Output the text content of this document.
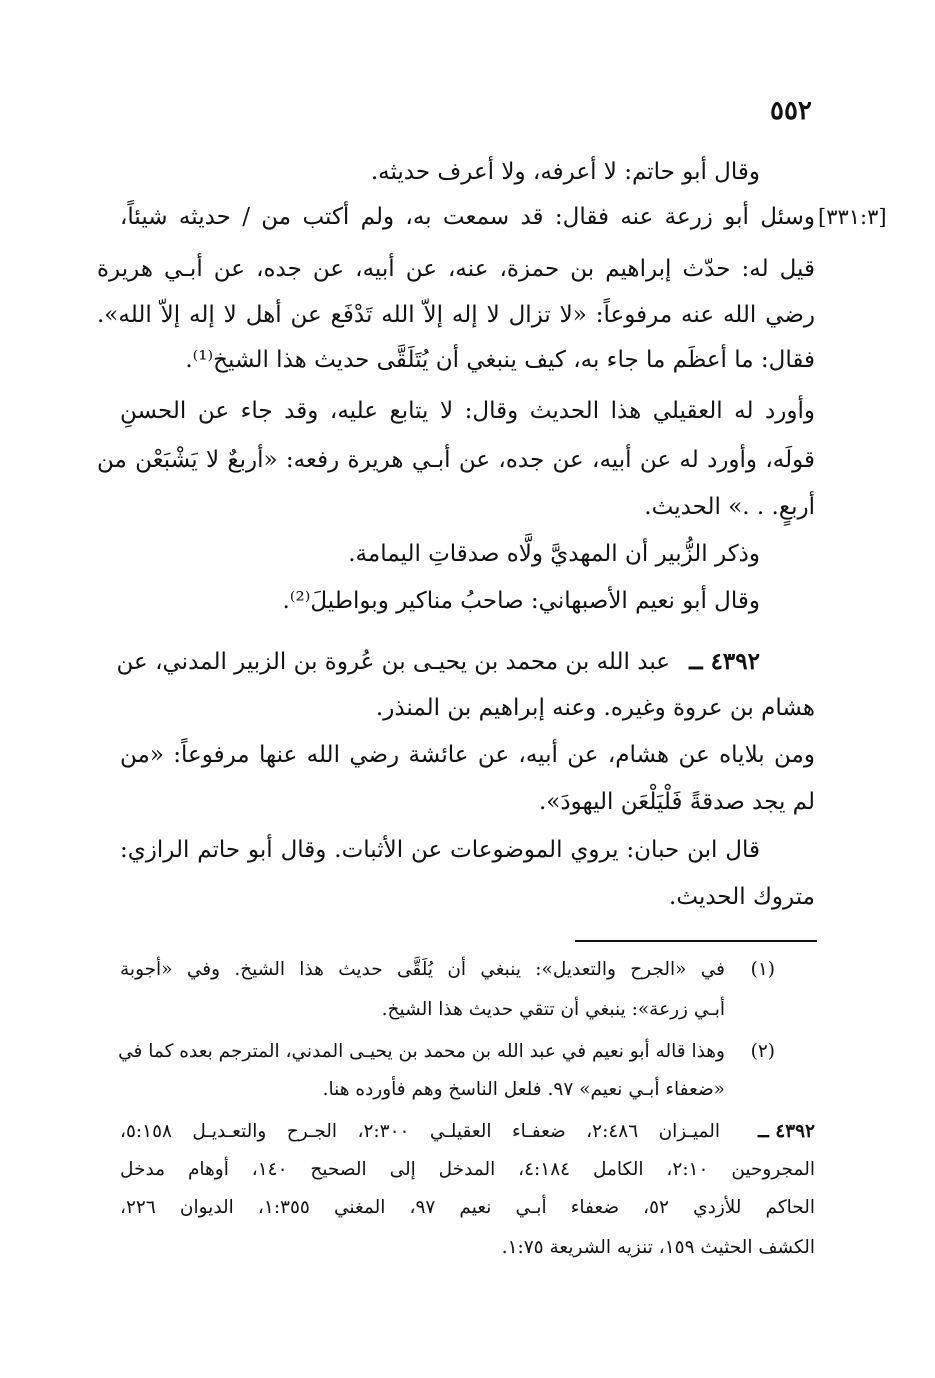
٥٥٢
وقال أبو حاتم: لا أعرفه، ولا أعرف حديثه.
[٣٣١:٣]
وسئل أبو زرعة عنه فقال: قد سمعت به، ولم أكتب من / حديثه شيئاً،
قيل له: حدّث إبراهيم بن حمزة، عنه، عن أبيه، عن جده، عن أبـي هريرة
رضي الله عنه مرفوعاً: «لا تزال لا إله إلاّ الله تَدْفَع عن أهل لا إله إلاّ الله».
فقال: ما أعظَم ما جاء به، كيف ينبغي أن يُتَلَقَّى حديث هذا الشيخ⁽¹⁾.
وأورد له العقيلي هذا الحديث وقال: لا يتابع عليه، وقد جاء عن الحسنِ
قولَه، وأورد له عن أبيه، عن جده، عن أبـي هريرة رفعه: «أربعٌ لا يَشْبَعْن من
أربعٍ. . .» الحديث.
وذكر الزُّبير أن المهديَّ ولَّاه صدقاتِ اليمامة.
وقال أبو نعيم الأصبهاني: صاحبُ مناكير وبواطيلَ⁽²⁾.
٤٣٩٢ ــ
عبد الله بن محمد بن يحيـى بن عُروة بن الزبير المدني، عن
هشام بن عروة وغيره. وعنه إبراهيم بن المنذر.
ومن بلاياه عن هشام، عن أبيه، عن عائشة رضي الله عنها مرفوعاً: «من
لم يجد صدقةً فَلْيَلْعَن اليهودَ».
قال ابن حبان: يروي الموضوعات عن الأثبات. وقال أبو حاتم الرازي:
متروك الحديث.
(١)
في «الجرح والتعديل»: ينبغي أن يُلَقَّى حديث هذا الشيخ. وفي «أجوبة
أبـي زرعة»: ينبغي أن تتقي حديث هذا الشيخ.
(٢)
وهذا قاله أبو نعيم في عبد الله بن محمد بن يحيـى المدني، المترجم بعده كما في
«ضعفاء أبـي نعيم» ٩٧. فلعل الناسخ وهم فأورده هنا.
٤٣٩٢ ــ
الميـزان ٢:٤٨٦، ضعفـاء العقيلـي ٢:٣٠٠، الجـرح والتعـديـل ٥:١٥٨،
المجروحين ٢:١٠، الكامل ٤:١٨٤، المدخل إلى الصحيح ١٤٠، أوهام مدخل
الحاكم للأزدي ٥٢، ضعفاء أبـي نعيم ٩٧، المغني ١:٣٥٥، الديوان ٢٢٦،
الكشف الحثيث ١٥٩، تنزيه الشريعة ١:٧٥.
